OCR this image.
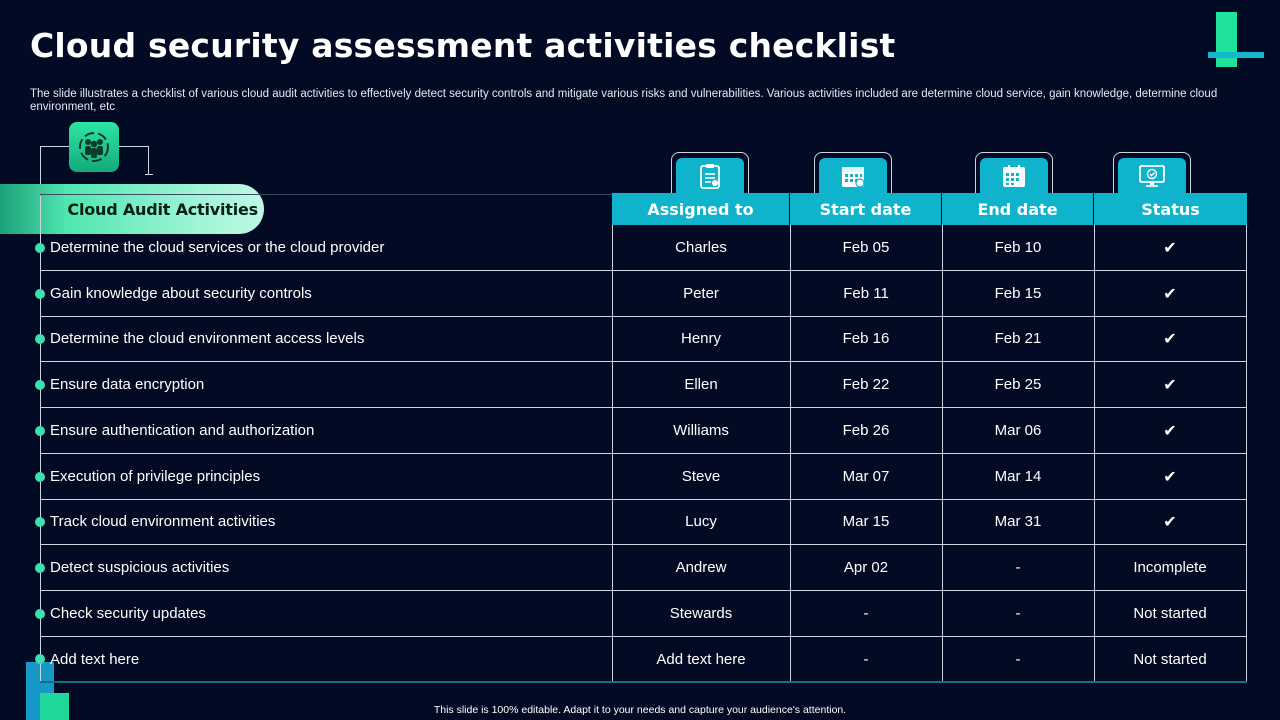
Cloud security assessment activities checklist

The slide illustrates a checklist of various cloud audit activities to effectively detect security controls and mitigate various risks and vulnerabilities. Various activities included are determine cloud service, gain knowledge, determine cloud environment, etc

Cloud Audit Activities	Assigned to	Start date	End date	Status
Determine the cloud services or the cloud provider	Charles	Feb 05	Feb 10	✔
Gain knowledge about security controls	Peter	Feb 11	Feb 15	✔
Determine the cloud environment access levels	Henry	Feb 16	Feb 21	✔
Ensure data encryption	Ellen	Feb 22	Feb 25	✔
Ensure authentication and authorization	Williams	Feb 26	Mar 06	✔
Execution of privilege principles	Steve	Mar 07	Mar 14	✔
Track cloud environment activities	Lucy	Mar 15	Mar 31	✔
Detect suspicious activities	Andrew	Apr 02	-	Incomplete
Check security updates	Stewards	-	-	Not started
Add text here	Add text here	-	-	Not started
This slide is 100% editable. Adapt it to your needs and capture your audience's attention.
